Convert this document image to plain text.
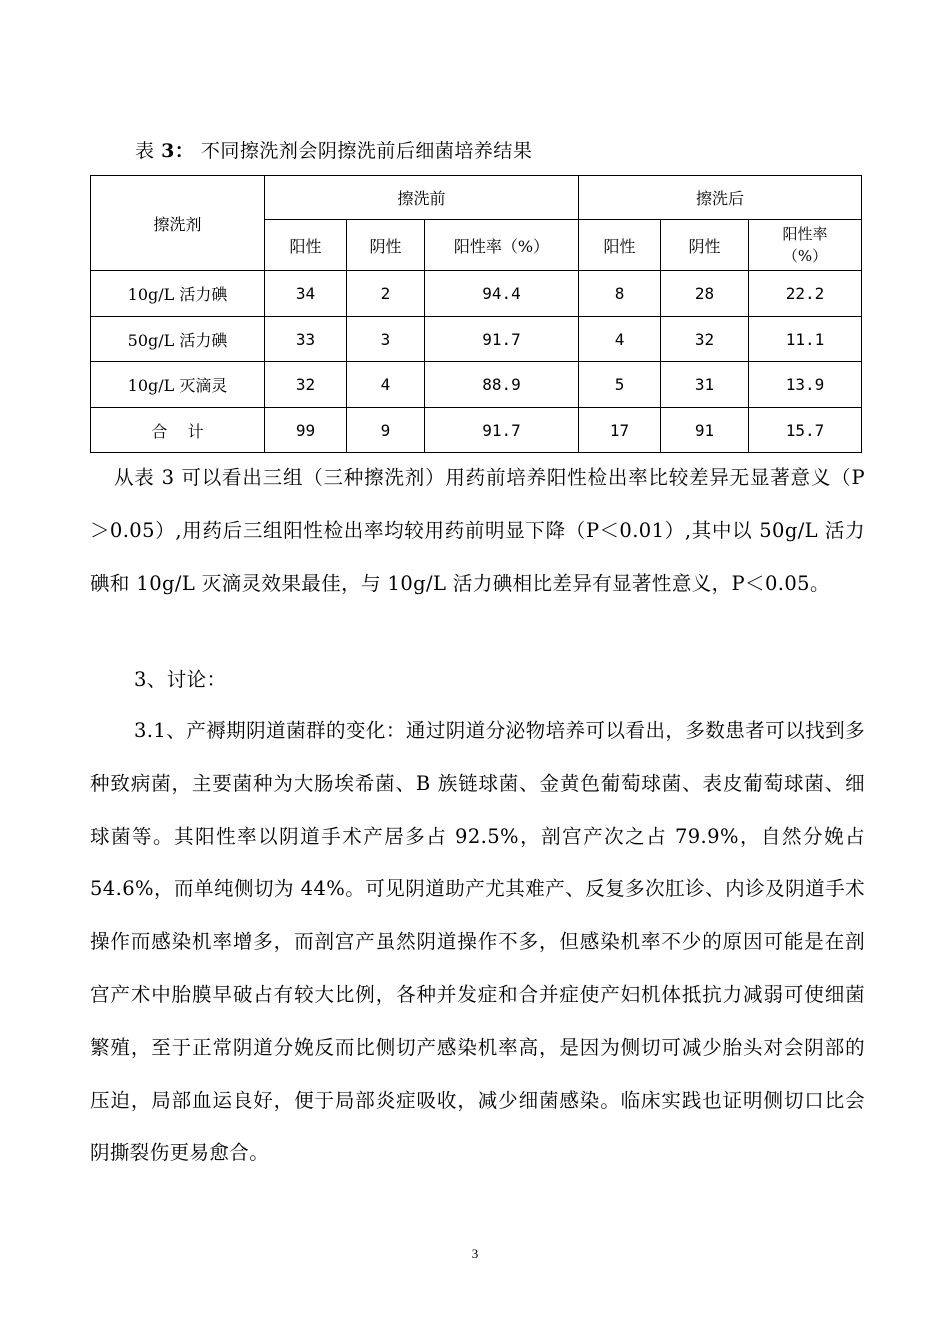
表 3： 不同擦洗剂会阴擦洗前后细菌培养结果
擦洗剂	擦洗前			擦洗后		
	阳性	阴性	阳性率（%）	阳性	阴性	阳性率
（%）

10g/L 活力碘	34	2	94.4	8	28	22.2
50g/L 活力碘	33	3	91.7	4	32	11.1
10g/L 灭滴灵	32	4	88.9	5	31	13.9
合    计	99	9	91.7	17	91	15.7

从表 3 可以看出三组（三种擦洗剂）用药前培养阳性检出率比较差异无显著意义（P＞0.05）,用药后三组阳性检出率均较用药前明显下降（P＜0.01）,其中以 50g/L 活力碘和 10g/L 灭滴灵效果最佳，与 10g/L 活力碘相比差异有显著性意义，P＜0.05。

3、讨论：

3.1、产褥期阴道菌群的变化：通过阴道分泌物培养可以看出，多数患者可以找到多种致病菌，主要菌种为大肠埃希菌、B 族链球菌、金黄色葡萄球菌、表皮葡萄球菌、细球菌等。其阳性率以阴道手术产居多占 92.5%，剖宫产次之占 79.9%，自然分娩占 54.6%，而单纯侧切为 44%。可见阴道助产尤其难产、反复多次肛诊、内诊及阴道手术操作而感染机率增多，而剖宫产虽然阴道操作不多，但感染机率不少的原因可能是在剖宫产术中胎膜早破占有较大比例，各种并发症和合并症使产妇机体抵抗力减弱可使细菌繁殖，至于正常阴道分娩反而比侧切产感染机率高，是因为侧切可减少胎头对会阴部的压迫，局部血运良好，便于局部炎症吸收，减少细菌感染。临床实践也证明侧切口比会阴撕裂伤更易愈合。

3
